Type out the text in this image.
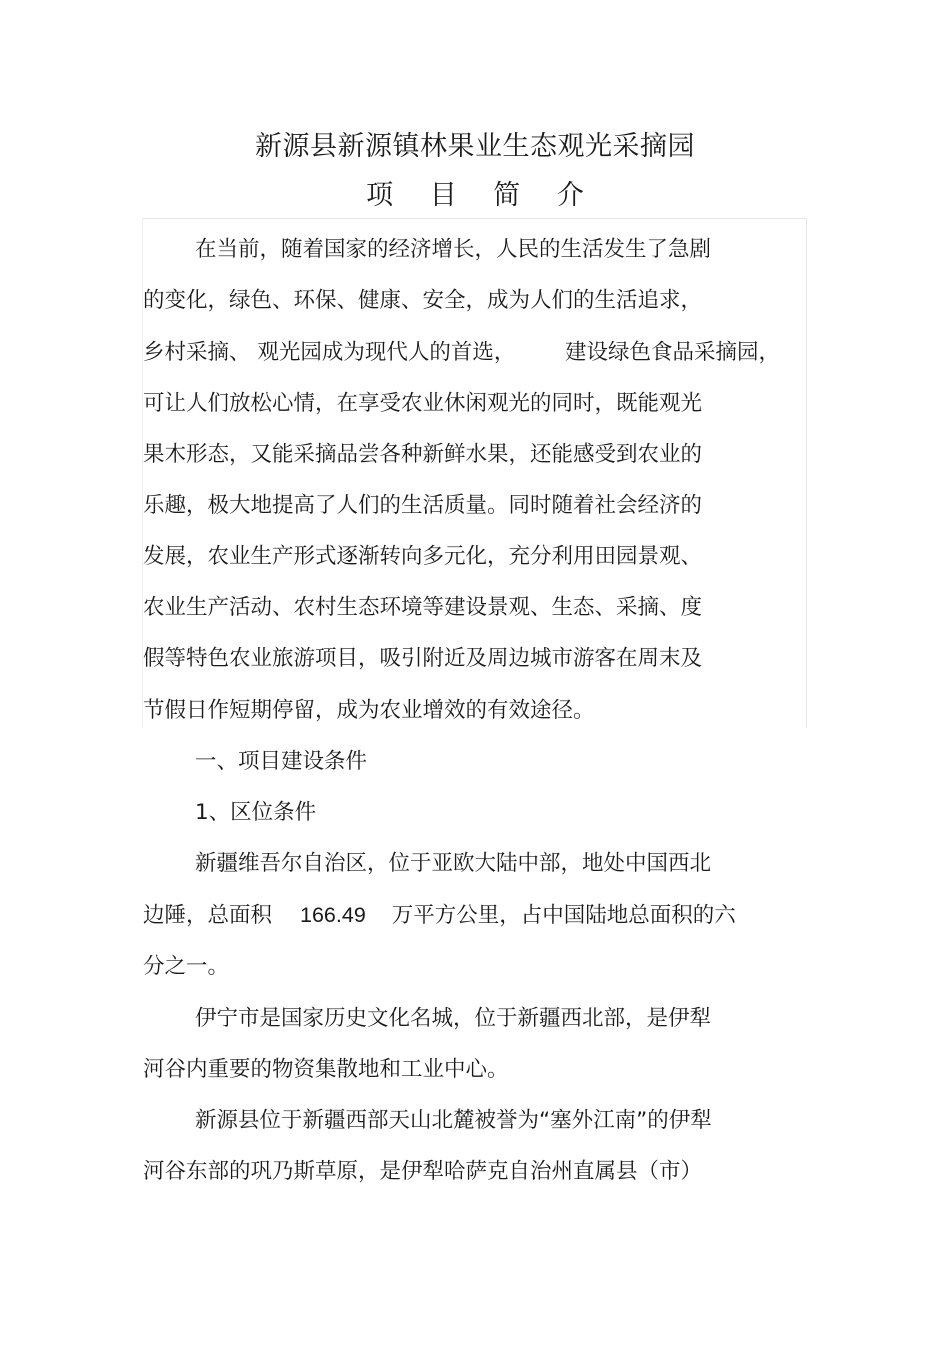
新源县新源镇林果业生态观光采摘园
项 目 简 介
在当前，随着国家的经济增长，人民的生活发生了急剧
的变化，绿色、环保、健康、安全，成为人们的生活追求，
乡村采摘、 观光园成为现代人的首选， 建设绿色食品采摘园，
可让人们放松心情，在享受农业休闲观光的同时，既能观光
果木形态，又能采摘品尝各种新鲜水果，还能感受到农业的
乐趣，极大地提高了人们的生活质量。同时随着社会经济的
发展，农业生产形式逐渐转向多元化，充分利用田园景观、
农业生产活动、农村生态环境等建设景观、生态、采摘、度
假等特色农业旅游项目，吸引附近及周边城市游客在周末及
节假日作短期停留，成为农业增效的有效途径。
一、项目建设条件
1、区位条件
新疆维吾尔自治区，位于亚欧大陆中部，地处中国西北
边陲，总面积 166.49 万平方公里，占中国陆地总面积的六
分之一。
伊宁市是国家历史文化名城，位于新疆西北部，是伊犁
河谷内重要的物资集散地和工业中心。
新源县位于新疆西部天山北麓被誉为“塞外江南”的伊犁
河谷东部的巩乃斯草原，是伊犁哈萨克自治州直属县（市）
